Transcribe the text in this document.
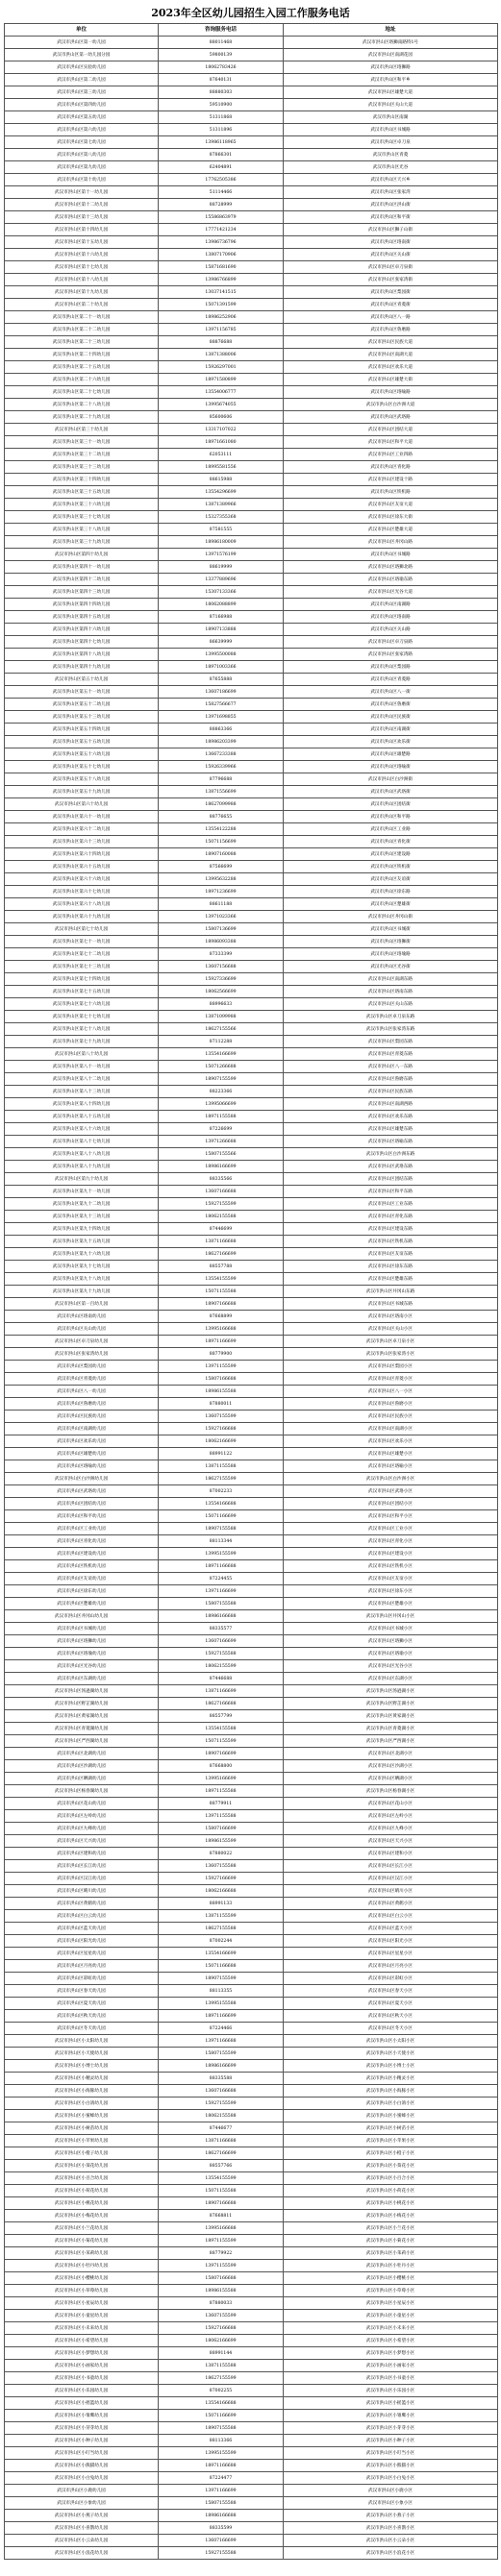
2023年全区幼儿园招生入园工作服务电话
单位	咨询服务电话	地址
武汉市洪山区第一幼儿园	88011468	武汉市洪山区珞狮南路特1号
武汉市洪山区第一幼儿园分园	59800139	武汉市洪山区南湖花园
武汉市洪山区实验幼儿园	18062783426	武汉市洪山区珞狮路
武汉市洪山区第二幼儿园	87640131	武汉市洪山区和平乡
武汉市洪山区第三幼儿园	88880303	武汉市洪山区雄楚大道
武汉市洪山区第四幼儿园	59510900	武汉市洪山区关山大道
武汉市洪山区第五幼儿园	51311868	武汉市洪山区南湖
武汉市洪山区第六幼儿园	51311896	武汉市洪山区书城路
武汉市洪山区第七幼儿园	13986118965	武汉市洪山区卓刀泉
武汉市洪山区第八幼儿园	87866301	武汉市洪山区青菱
武汉市洪山区第九幼儿园	62404891	武汉市洪山区光谷
武汉市洪山区第十幼儿园	17762505386	武汉市洪山区天兴乡
武汉市洪山区第十一幼儿园	51114466	武汉市洪山区张家湾
武汉市洪山区第十二幼儿园	88728999	武汉市洪山区洪山街
武汉市洪山区第十三幼儿园	15586863979	武汉市洪山区和平街
武汉市洪山区第十四幼儿园	17771421234	武汉市洪山区狮子山街
武汉市洪山区第十五幼儿园	13986736796	武汉市洪山区珞南街
武汉市洪山区第十六幼儿园	13807170906	武汉市洪山区关山街
武汉市洪山区第十七幼儿园	15871681690	武汉市洪山区卓刀泉街
武汉市洪山区第十八幼儿园	13986766899	武汉市洪山区张家湾街
武汉市洪山区第十九幼儿园	13037141515	武汉市洪山区梨园街
武汉市洪山区第二十幼儿园	15071391599	武汉市洪山区青菱街
武汉市洪山区第二十一幼儿园	18986252906	武汉市洪山区八一路
武汉市洪山区第二十二幼儿园	13971156785	武汉市洪山区鲁磨路
武汉市洪山区第二十三幼儿园	88876688	武汉市洪山区民族大道
武汉市洪山区第二十四幼儿园	13871388006	武汉市洪山区南湖大道
武汉市洪山区第二十五幼儿园	15926297001	武汉市洪山区欢乐大道
武汉市洪山区第二十六幼儿园	18971580899	武汉市洪山区雄楚大街
武汉市洪山区第二十七幼儿园	13554006777	武汉市洪山区珞喻路
武汉市洪山区第二十八幼儿园	13995674055	武汉市洪山区白沙洲大道
武汉市洪山区第二十九幼儿园	85600606	武汉市洪山区武珞路
武汉市洪山区第三十幼儿园	13317107022	武汉市洪山区团结大道
武汉市洪山区第三十一幼儿园	18971661080	武汉市洪山区和平大道
武汉市洪山区第三十二幼儿园	62053111	武汉市洪山区工业四路
武汉市洪山区第三十三幼儿园	18995581556	武汉市洪山区青化路
武汉市洪山区第三十四幼儿园	88615988	武汉市洪山区建设十路
武汉市洪山区第三十五幼儿园	13554296699	武汉市洪山区铁机路
武汉市洪山区第三十六幼儿园	13871389966	武汉市洪山区友谊大道
武汉市洪山区第三十七幼儿园	15327355368	武汉市洪山区徐东大街
武汉市洪山区第三十八幼儿园	87581555	武汉市洪山区楚雄大道
武汉市洪山区第三十九幼儿园	18986180009	武汉市洪山区井冈山路
武汉市洪山区第四十幼儿园	13971576199	武汉市洪山区书城路
武汉市洪山区第四十一幼儿园	88619999	武汉市洪山区珞狮北路
武汉市洪山区第四十二幼儿园	13377889696	武汉市洪山区珞瑜东路
武汉市洪山区第四十三幼儿园	15307133366	武汉市洪山区光谷大道
武汉市洪山区第四十四幼儿园	18062088899	武汉市洪山区南湖路
武汉市洪山区第四十五幼儿园	87166988	武汉市洪山区珞南路
武汉市洪山区第四十六幼儿园	18907133888	武汉市洪山区关山路
武汉市洪山区第四十七幼儿园	86639999	武汉市洪山区卓刀泉路
武汉市洪山区第四十八幼儿园	13995500088	武汉市洪山区张家湾路
武汉市洪山区第四十九幼儿园	18971003366	武汉市洪山区梨园路
武汉市洪山区第五十幼儿园	87655888	武汉市洪山区青菱路
武汉市洪山区第五十一幼儿园	13607186699	武汉市洪山区八一街
武汉市洪山区第五十二幼儿园	15827566677	武汉市洪山区鲁磨街
武汉市洪山区第五十三幼儿园	13971698855	武汉市洪山区民族街
武汉市洪山区第五十四幼儿园	88863366	武汉市洪山区南湖街
武汉市洪山区第五十五幼儿园	18986203399	武汉市洪山区欢乐街
武汉市洪山区第五十六幼儿园	13667233388	武汉市洪山区雄楚路
武汉市洪山区第五十七幼儿园	15926339966	武汉市洪山区珞喻街
武汉市洪山区第五十八幼儿园	87796688	武汉市洪山区白沙洲街
武汉市洪山区第五十九幼儿园	13871556699	武汉市洪山区武珞街
武汉市洪山区第六十幼儿园	18627099988	武汉市洪山区团结街
武汉市洪山区第六十一幼儿园	88776655	武汉市洪山区和平路
武汉市洪山区第六十二幼儿园	13554122288	武汉市洪山区工业路
武汉市洪山区第六十三幼儿园	15071156699	武汉市洪山区青化街
武汉市洪山区第六十四幼儿园	18907160088	武汉市洪山区建设路
武汉市洪山区第六十五幼儿园	87566699	武汉市洪山区铁机街
武汉市洪山区第六十六幼儿园	13995632288	武汉市洪山区友谊街
武汉市洪山区第六十七幼儿园	18971236699	武汉市洪山区徐东路
武汉市洪山区第六十八幼儿园	88611188	武汉市洪山区楚雄街
武汉市洪山区第六十九幼儿园	13971023366	武汉市洪山区井冈山街
武汉市洪山区第七十幼儿园	15807136699	武汉市洪山区书城街
武汉市洪山区第七十一幼儿园	18986093388	武汉市洪山区珞狮街
武汉市洪山区第七十二幼儿园	87333399	武汉市洪山区珞瑜路
武汉市洪山区第七十三幼儿园	13607156688	武汉市洪山区光谷街
武汉市洪山区第七十四幼儿园	15927336699	武汉市洪山区南湖东路
武汉市洪山区第七十五幼儿园	18062566699	武汉市洪山区珞南东路
武汉市洪山区第七十六幼儿园	88996633	武汉市洪山区关山东路
武汉市洪山区第七十七幼儿园	13871099988	武汉市洪山区卓刀泉东路
武汉市洪山区第七十八幼儿园	18627155566	武汉市洪山区张家湾东路
武汉市洪山区第七十九幼儿园	87112288	武汉市洪山区梨园东路
武汉市洪山区第八十幼儿园	13554166699	武汉市洪山区青菱东路
武汉市洪山区第八十一幼儿园	15071266688	武汉市洪山区八一东路
武汉市洪山区第八十二幼儿园	18907155599	武汉市洪山区鲁磨东路
武汉市洪山区第八十三幼儿园	88223366	武汉市洪山区民族东路
武汉市洪山区第八十四幼儿园	13995066699	武汉市洪山区南湖西路
武汉市洪山区第八十五幼儿园	18971155588	武汉市洪山区欢乐东路
武汉市洪山区第八十六幼儿园	87226699	武汉市洪山区雄楚东路
武汉市洪山区第八十七幼儿园	13971266688	武汉市洪山区珞喻东路
武汉市洪山区第八十八幼儿园	15807155566	武汉市洪山区白沙洲东路
武汉市洪山区第八十九幼儿园	18986166699	武汉市洪山区武珞东路
武汉市洪山区第九十幼儿园	88335566	武汉市洪山区团结东路
武汉市洪山区第九十一幼儿园	13607166688	武汉市洪山区和平东路
武汉市洪山区第九十二幼儿园	15927155599	武汉市洪山区工业东路
武汉市洪山区第九十三幼儿园	18062155588	武汉市洪山区青化东路
武汉市洪山区第九十四幼儿园	87446699	武汉市洪山区建设东路
武汉市洪山区第九十五幼儿园	13871166688	武汉市洪山区铁机东路
武汉市洪山区第九十六幼儿园	18627166699	武汉市洪山区友谊东路
武汉市洪山区第九十七幼儿园	88557788	武汉市洪山区徐东东路
武汉市洪山区第九十八幼儿园	13554155599	武汉市洪山区楚雄东路
武汉市洪山区第九十九幼儿园	15071155588	武汉市洪山区井冈山东路
武汉市洪山区第一百幼儿园	18907166688	武汉市洪山区书城东路
武汉市洪山区珞南幼儿园	87668899	武汉市洪山区珞南小区
武汉市洪山区关山幼儿园	13995166688	武汉市洪山区关山小区
武汉市洪山区卓刀泉幼儿园	18971166699	武汉市洪山区卓刀泉小区
武汉市洪山区张家湾幼儿园	88779900	武汉市洪山区张家湾小区
武汉市洪山区梨园幼儿园	13971155599	武汉市洪山区梨园小区
武汉市洪山区青菱幼儿园	15807166688	武汉市洪山区青菱小区
武汉市洪山区八一幼儿园	18986155588	武汉市洪山区八一小区
武汉市洪山区鲁磨幼儿园	87880011	武汉市洪山区鲁磨小区
武汉市洪山区民族幼儿园	13607155599	武汉市洪山区民族小区
武汉市洪山区南湖幼儿园	15927166688	武汉市洪山区南湖小区
武汉市洪山区欢乐幼儿园	18062166699	武汉市洪山区欢乐小区
武汉市洪山区雄楚幼儿园	88991122	武汉市洪山区雄楚小区
武汉市洪山区珞喻幼儿园	13871155588	武汉市洪山区珞喻小区
武汉市洪山区白沙洲幼儿园	18627155599	武汉市洪山区白沙洲小区
武汉市洪山区武珞幼儿园	87002233	武汉市洪山区武珞小区
武汉市洪山区团结幼儿园	13554166688	武汉市洪山区团结小区
武汉市洪山区和平幼儿园	15071166699	武汉市洪山区和平小区
武汉市洪山区工业幼儿园	18907155588	武汉市洪山区工业小区
武汉市洪山区青化幼儿园	88113344	武汉市洪山区青化小区
武汉市洪山区建设幼儿园	13995155599	武汉市洪山区建设小区
武汉市洪山区铁机幼儿园	18971166688	武汉市洪山区铁机小区
武汉市洪山区友谊幼儿园	87224455	武汉市洪山区友谊小区
武汉市洪山区徐东幼儿园	13971166699	武汉市洪山区徐东小区
武汉市洪山区楚雄幼儿园	15807155588	武汉市洪山区楚雄小区
武汉市洪山区井冈山幼儿园	18986166688	武汉市洪山区井冈山小区
武汉市洪山区书城幼儿园	88335577	武汉市洪山区书城小区
武汉市洪山区珞狮幼儿园	13607166699	武汉市洪山区珞狮小区
武汉市洪山区珞瑜幼儿园	15927155588	武汉市洪山区珞瑜小区
武汉市洪山区光谷幼儿园	18062155599	武汉市洪山区光谷小区
武汉市洪山区东湖幼儿园	87446688	武汉市洪山区东湖小区
武汉市洪山区汤逊湖幼儿园	13871166699	武汉市洪山区汤逊湖小区
武汉市洪山区野芷湖幼儿园	18627166688	武汉市洪山区野芷湖小区
武汉市洪山区黄家湖幼儿园	88557799	武汉市洪山区黄家湖小区
武汉市洪山区青菱湖幼儿园	13554155588	武汉市洪山区青菱湖小区
武汉市洪山区严西湖幼儿园	15071155599	武汉市洪山区严西湖小区
武汉市洪山区北湖幼儿园	18907166699	武汉市洪山区北湖小区
武汉市洪山区沙湖幼儿园	87668800	武汉市洪山区沙湖小区
武汉市洪山区晒湖幼儿园	13995166699	武汉市洪山区晒湖小区
武汉市洪山区杨春湖幼儿园	18971155588	武汉市洪山区杨春湖小区
武汉市洪山区花山幼儿园	88779911	武汉市洪山区花山小区
武汉市洪山区左岭幼儿园	13971155588	武汉市洪山区左岭小区
武汉市洪山区九峰幼儿园	15807166699	武汉市洪山区九峰小区
武汉市洪山区天兴幼儿园	18986155599	武汉市洪山区天兴小区
武汉市洪山区建和幼儿园	87880022	武汉市洪山区建和小区
武汉市洪山区长江幼儿园	13607155588	武汉市洪山区长江小区
武汉市洪山区汉江幼儿园	15927166699	武汉市洪山区汉江小区
武汉市洪山区晴川幼儿园	18062166688	武汉市洪山区晴川小区
武汉市洪山区黄鹤幼儿园	88991133	武汉市洪山区黄鹤小区
武汉市洪山区白云幼儿园	13871155599	武汉市洪山区白云小区
武汉市洪山区蓝天幼儿园	18627155588	武汉市洪山区蓝天小区
武汉市洪山区阳光幼儿园	87002244	武汉市洪山区阳光小区
武汉市洪山区星星幼儿园	13554166699	武汉市洪山区星星小区
武汉市洪山区月亮幼儿园	15071166688	武汉市洪山区月亮小区
武汉市洪山区彩虹幼儿园	18907155599	武汉市洪山区彩虹小区
武汉市洪山区春天幼儿园	88113355	武汉市洪山区春天小区
武汉市洪山区夏天幼儿园	13995155588	武汉市洪山区夏天小区
武汉市洪山区秋天幼儿园	18971166699	武汉市洪山区秋天小区
武汉市洪山区冬天幼儿园	87224466	武汉市洪山区冬天小区
武汉市洪山区小太阳幼儿园	13971166688	武汉市洪山区小太阳小区
武汉市洪山区小天使幼儿园	15807155599	武汉市洪山区小天使小区
武汉市洪山区小博士幼儿园	18986166699	武汉市洪山区小博士小区
武汉市洪山区小精灵幼儿园	88335588	武汉市洪山区小精灵小区
武汉市洪山区小海豚幼儿园	13607166688	武汉市洪山区小海豚小区
武汉市洪山区小白鸽幼儿园	15927155599	武汉市洪山区小白鸽小区
武汉市洪山区小蜜蜂幼儿园	18062155588	武汉市洪山区小蜜蜂小区
武汉市洪山区小树苗幼儿园	87446677	武汉市洪山区小树苗小区
武汉市洪山区小苹果幼儿园	13871166688	武汉市洪山区小苹果小区
武汉市洪山区小橙子幼儿园	18627166699	武汉市洪山区小橙子小区
武汉市洪山区小葵花幼儿园	88557766	武汉市洪山区小葵花小区
武汉市洪山区小百合幼儿园	13554155599	武汉市洪山区小百合小区
武汉市洪山区小荷花幼儿园	15071155588	武汉市洪山区小荷花小区
武汉市洪山区小桃花幼儿园	18907166688	武汉市洪山区小桃花小区
武汉市洪山区小梅花幼儿园	87668811	武汉市洪山区小梅花小区
武汉市洪山区小兰花幼儿园	13995166688	武汉市洪山区小兰花小区
武汉市洪山区小菊花幼儿园	18971155599	武汉市洪山区小菊花小区
武汉市洪山区小茉莉幼儿园	88779922	武汉市洪山区小茉莉小区
武汉市洪山区小牡丹幼儿园	13971155599	武汉市洪山区小牡丹小区
武汉市洪山区小樱桃幼儿园	15807166688	武汉市洪山区小樱桃小区
武汉市洪山区小草莓幼儿园	18986155588	武汉市洪山区小草莓小区
武汉市洪山区小星辰幼儿园	87880033	武汉市洪山区小星辰小区
武汉市洪山区小童星幼儿园	13607155599	武汉市洪山区小童星小区
武汉市洪山区小未来幼儿园	15927166688	武汉市洪山区小未来小区
武汉市洪山区小希望幼儿园	18062166699	武汉市洪山区小希望小区
武汉市洪山区小梦想幼儿园	88991144	武汉市洪山区小梦想小区
武汉市洪山区小画家幼儿园	13871155588	武汉市洪山区小画家小区
武汉市洪山区小书童幼儿园	18627155599	武汉市洪山区小书童小区
武汉市洪山区小乐园幼儿园	87002255	武汉市洪山区小乐园小区
武汉市洪山区小摇篮幼儿园	13554166688	武汉市洪山区小摇篮小区
武汉市洪山区小雏鹰幼儿园	15071166699	武汉市洪山区小雏鹰小区
武汉市洪山区小芽芽幼儿园	18907155588	武汉市洪山区小芽芽小区
武汉市洪山区小种子幼儿园	88113366	武汉市洪山区小种子小区
武汉市洪山区小叮当幼儿园	13995155599	武汉市洪山区小叮当小区
武汉市洪山区小熊猫幼儿园	18971166688	武汉市洪山区小熊猫小区
武汉市洪山区小白兔幼儿园	87224477	武汉市洪山区小白兔小区
武汉市洪山区小鹿幼儿园	13971166699	武汉市洪山区小鹿小区
武汉市洪山区小象幼儿园	15807155588	武汉市洪山区小象小区
武汉市洪山区小燕子幼儿园	18986166688	武汉市洪山区小燕子小区
武汉市洪山区小喜鹊幼儿园	88335599	武汉市洪山区小喜鹊小区
武汉市洪山区小云朵幼儿园	13607166699	武汉市洪山区小云朵小区
武汉市洪山区小浪花幼儿园	15927155588	武汉市洪山区小浪花小区
